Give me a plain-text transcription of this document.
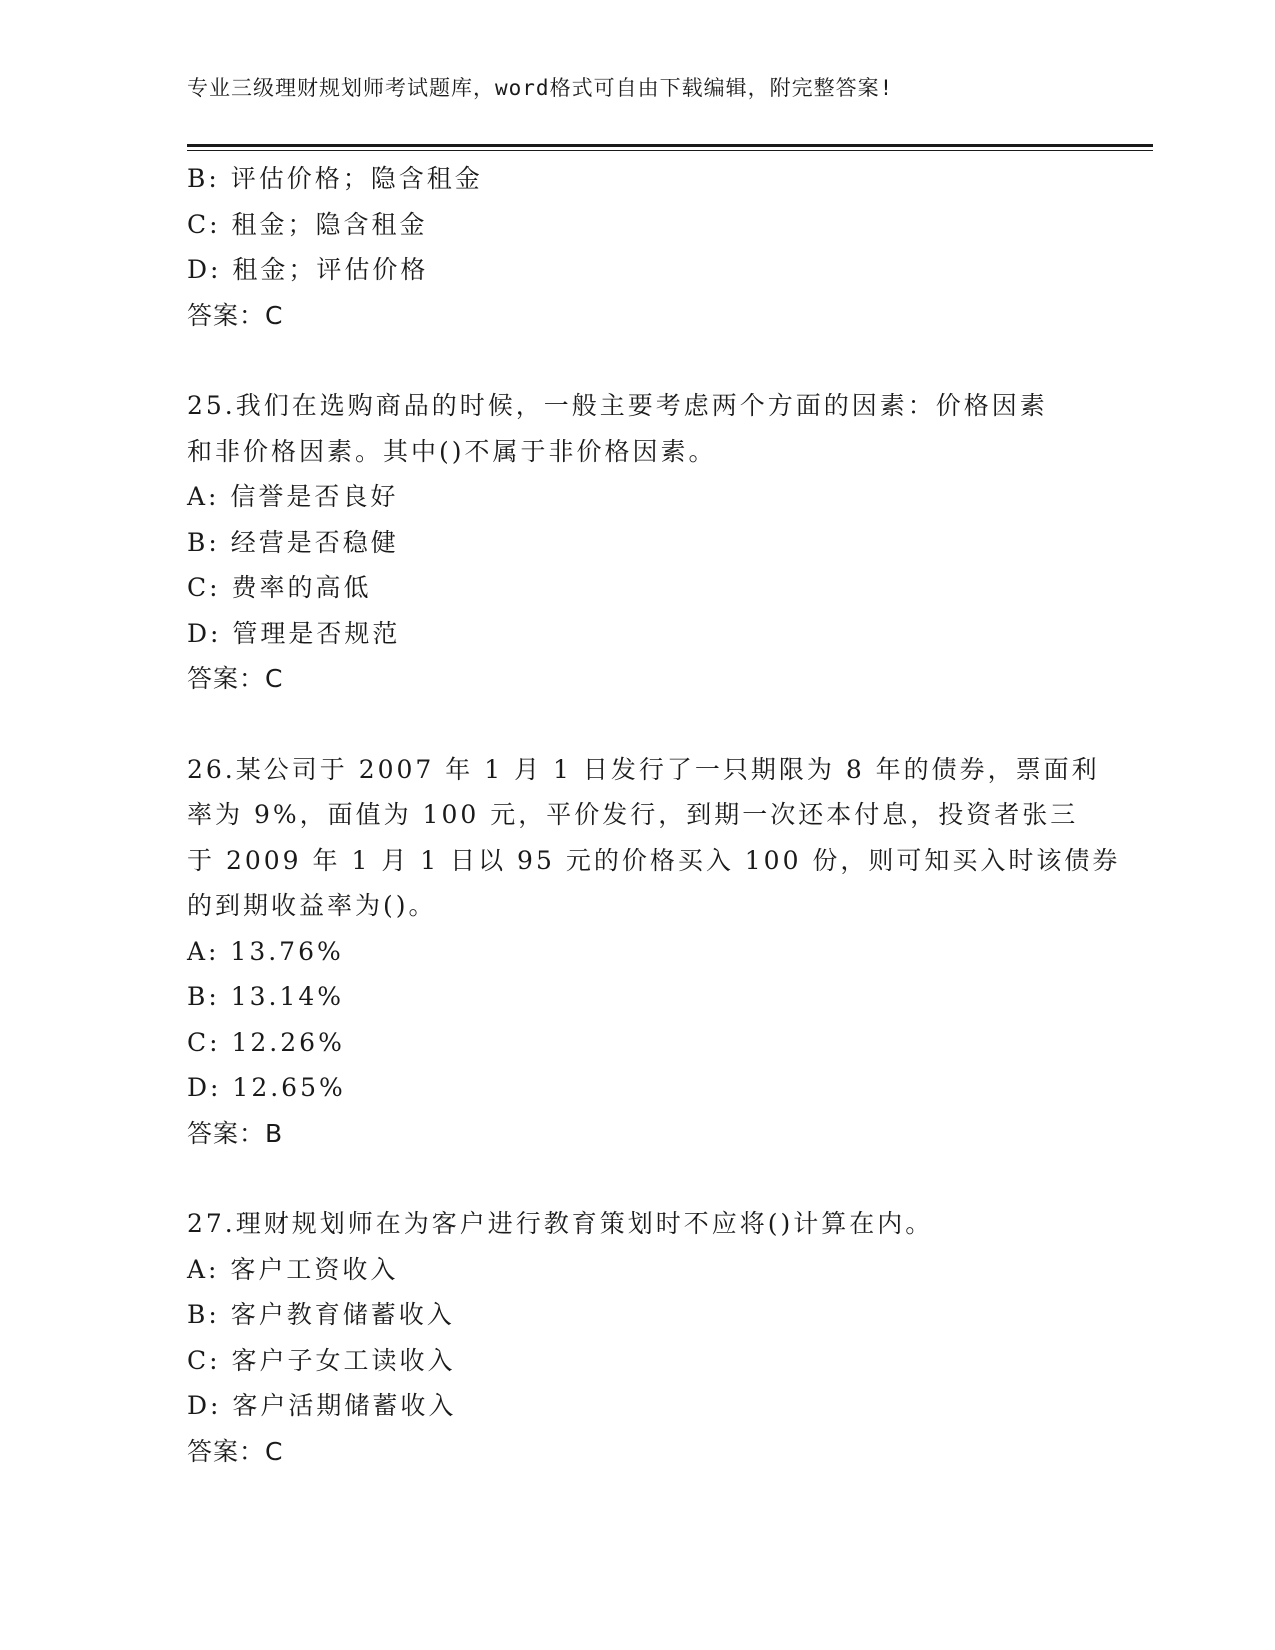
专业三级理财规划师考试题库，word格式可自由下载编辑，附完整答案!
B: 评估价格；隐含租金
C: 租金；隐含租金
D: 租金；评估价格
答案：C
25.我们在选购商品的时候，一般主要考虑两个方面的因素：价格因素
和非价格因素。其中()不属于非价格因素。
A: 信誉是否良好
B: 经营是否稳健
C: 费率的高低
D: 管理是否规范
答案：C
26.某公司于 2007 年 1 月 1 日发行了一只期限为 8 年的债券，票面利
率为 9%，面值为 100 元，平价发行，到期一次还本付息，投资者张三
于 2009 年 1 月 1 日以 95 元的价格买入 100 份，则可知买入时该债券
的到期收益率为()。
A: 13.76%
B: 13.14%
C: 12.26%
D: 12.65%
答案：B
27.理财规划师在为客户进行教育策划时不应将()计算在内。
A: 客户工资收入
B: 客户教育储蓄收入
C: 客户子女工读收入
D: 客户活期储蓄收入
答案：C
